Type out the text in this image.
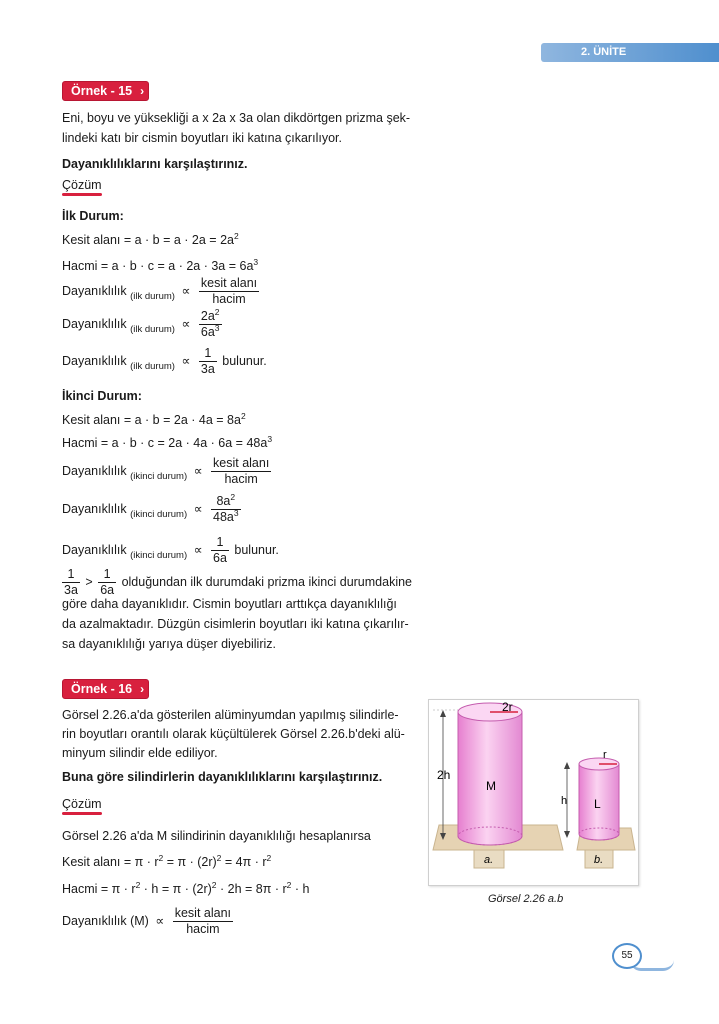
2. ÜNİTE
Örnek - 15 ›
Eni, boyu ve yüksekliği a x 2a x 3a olan dikdörtgen prizma şek-
lindeki katı bir cismin boyutları iki katına çıkarılıyor.
Dayanıklılıklarını karşılaştırınız.
Çözüm
İlk Durum:
Kesit alanı = $a \cdot b = a \cdot 2a = 2a^2$
Hacmi = $a \cdot b \cdot c = a \cdot 2a \cdot 3a = 6a^3$
Dayanıklılık $_{(ilk durum)} \propto \frac{\text{kesit alanı}}{\text{hacim}}$
Dayanıklılık $_{(ilk durum)} \propto \frac{2a^2}{6a^3}$
Dayanıklılık $_{(ilk durum)} \propto \frac{1}{3a}$ bulunur.
İkinci Durum:
Kesit alanı = $a \cdot b = 2a \cdot 4a = 8a^2$
Hacmi = $a \cdot b \cdot c = 2a \cdot 4a \cdot 6a = 48a^3$
Dayanıklılık $_{(ikinci durum)} \propto \frac{\text{kesit alanı}}{\text{hacim}}$
Dayanıklılık $_{(ikinci durum)} \propto \frac{8a^2}{48a^3}$
Dayanıklılık $_{(ikinci durum)} \propto \frac{1}{6a}$ bulunur.
$\frac{1}{3a} > \frac{1}{6a}$ olduğundan ilk durumdaki prizma ikinci durumdakine
göre daha dayanıklıdır. Cismin boyutları arttıkça dayanıklılığı
da azalmaktadır. Düzgün cisimlerin boyutları iki katına çıkarılır-
sa dayanıklılığı yarıya düşer diyebiliriz.
Örnek - 16 ›
Görsel 2.26.a'da gösterilen alüminyumdan yapılmış silindirle-
rin boyutları orantılı olarak küçültülerek Görsel 2.26.b'deki alü-
minyum silindir elde ediliyor.
Buna göre silindirlerin dayanıklılıklarını karşılaştırınız.
Çözüm
Görsel 2.26 a'da M silindirinin dayanıklılığı hesaplanırsa
Kesit alanı = $\pi \cdot r^2 = \pi \cdot (2r)^2 = 4\pi \cdot r^2$
Hacmi = $\pi \cdot r^2 \cdot h = \pi \cdot (2r)^2 \cdot 2h = 8\pi \cdot r^2 \cdot h$
Dayanıklılık $(M) \propto \frac{\text{kesit alanı}}{\text{hacim}}$
2r
r
2h
h
M
L
a.	b.
Görsel 2.26 a.b
55
